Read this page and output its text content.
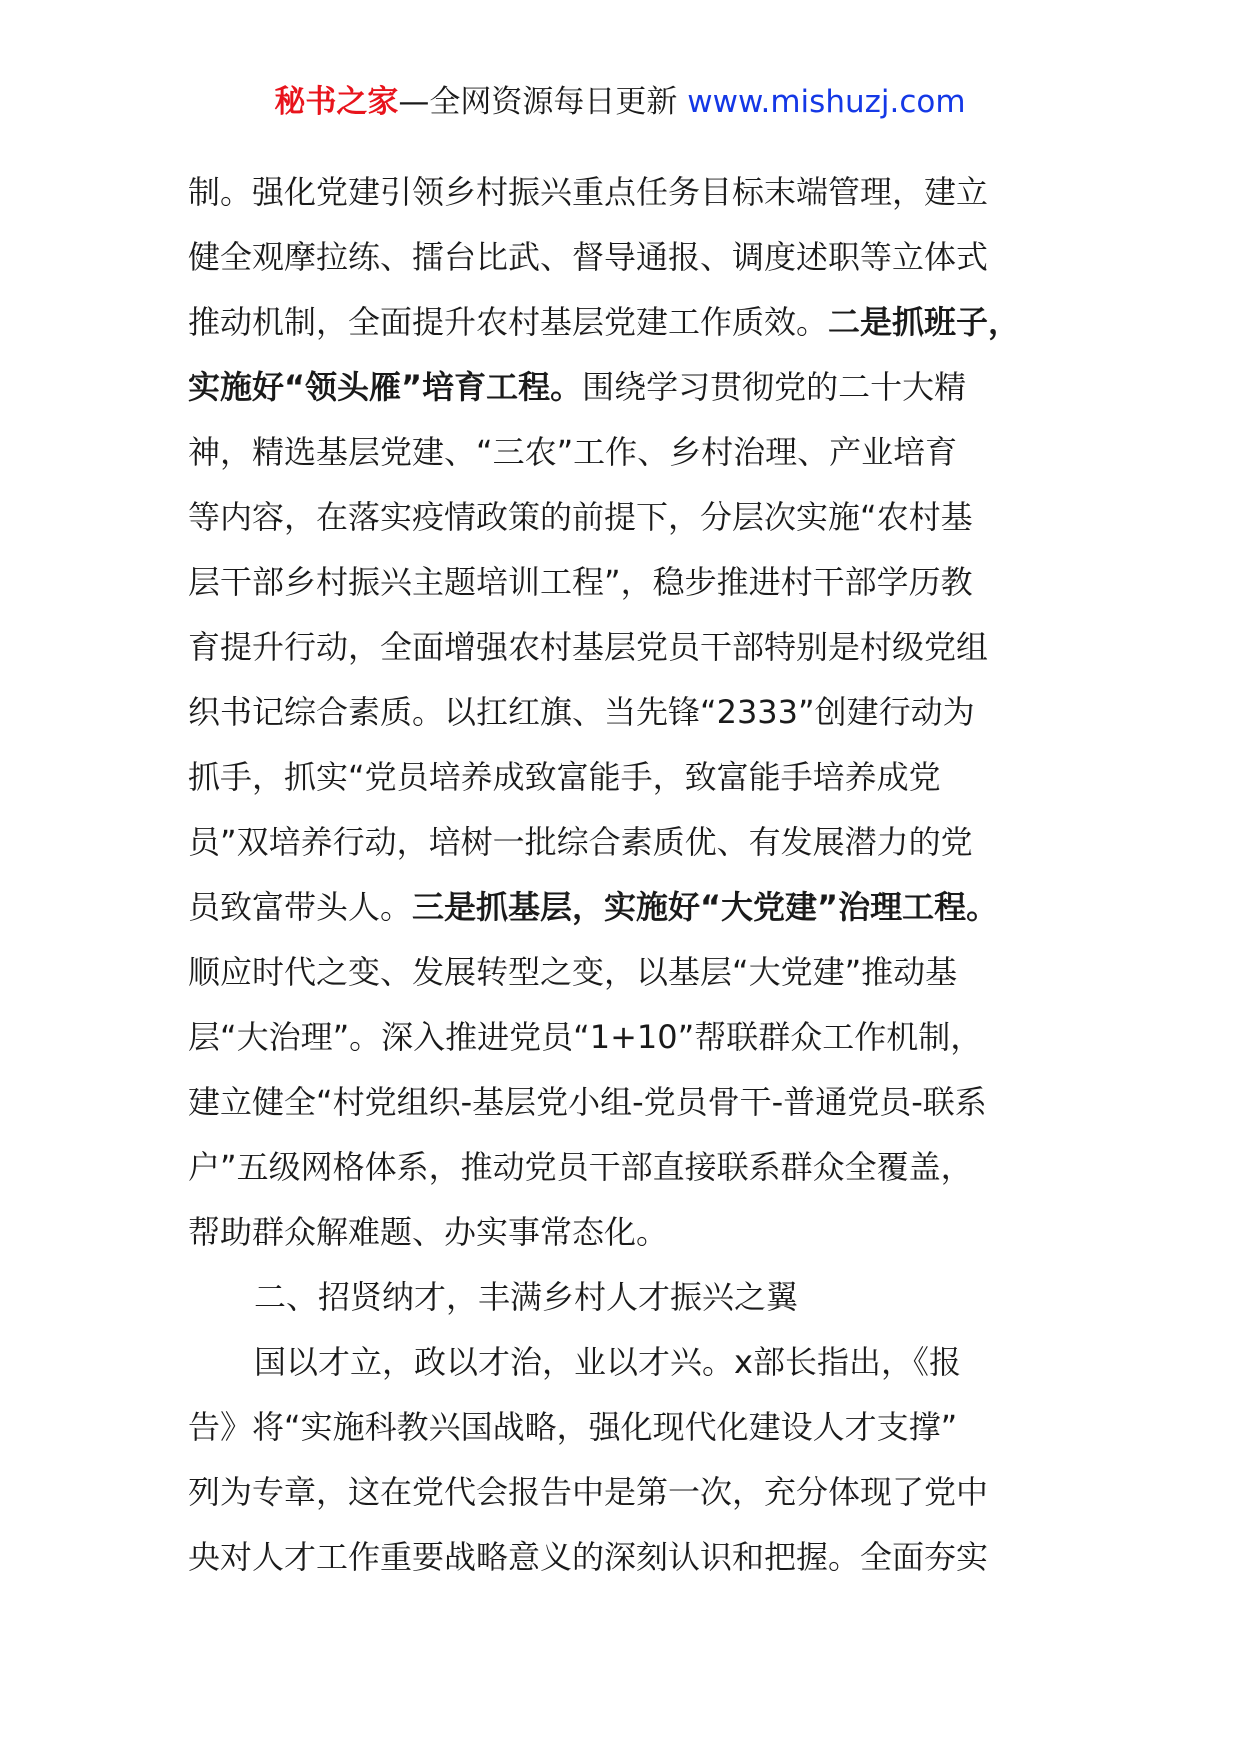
秘书之家—全网资源每日更新 www.mishuzj.com
制。强化党建引领乡村振兴重点任务目标末端管理，建立
健全观摩拉练、擂台比武、督导通报、调度述职等立体式
推动机制，全面提升农村基层党建工作质效。二是抓班子，
实施好“领头雁”培育工程。围绕学习贯彻党的二十大精
神，精选基层党建、“三农”工作、乡村治理、产业培育
等内容，在落实疫情政策的前提下，分层次实施“农村基
层干部乡村振兴主题培训工程”，稳步推进村干部学历教
育提升行动，全面增强农村基层党员干部特别是村级党组
织书记综合素质。以扛红旗、当先锋“2333”创建行动为
抓手，抓实“党员培养成致富能手，致富能手培养成党
员”双培养行动，培树一批综合素质优、有发展潜力的党
员致富带头人。三是抓基层，实施好“大党建”治理工程。
顺应时代之变、发展转型之变，以基层“大党建”推动基
层“大治理”。深入推进党员“1+10”帮联群众工作机制，
建立健全“村党组织-基层党小组-党员骨干-普通党员-联系
户”五级网格体系，推动党员干部直接联系群众全覆盖，
帮助群众解难题、办实事常态化。
二、招贤纳才，丰满乡村人才振兴之翼
国以才立，政以才治，业以才兴。x部长指出，《报
告》将“实施科教兴国战略，强化现代化建设人才支撑”
列为专章，这在党代会报告中是第一次，充分体现了党中
央对人才工作重要战略意义的深刻认识和把握。全面夯实
